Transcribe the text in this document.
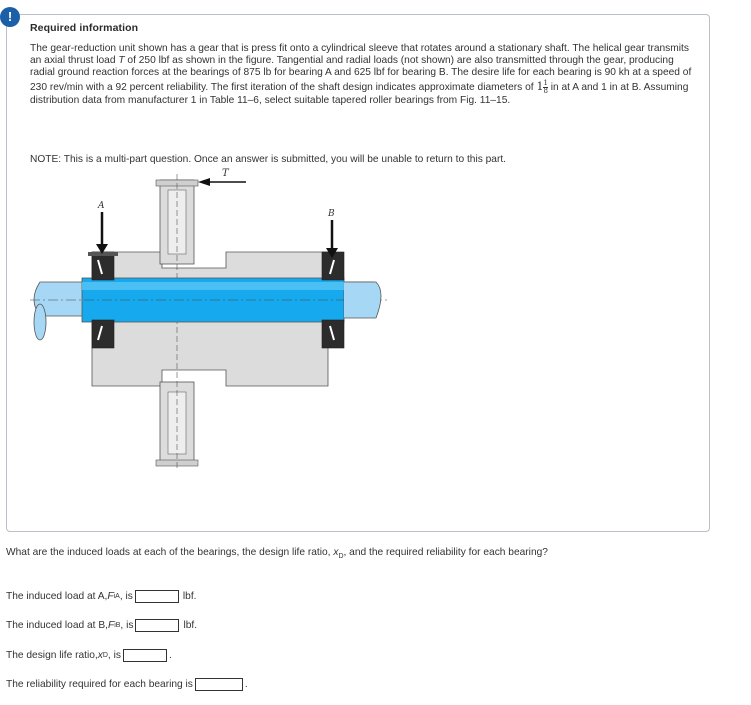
!
Required information
The gear-reduction unit shown has a gear that is press fit onto a cylindrical sleeve that rotates around a stationary shaft. The helical gear transmits an axial thrust load T of 250 lbf as shown in the figure. Tangential and radial loads (not shown) are also transmitted through the gear, producing radial ground reaction forces at the bearings of 875 lb for bearing A and 625 lbf for bearing B. The desire life for each bearing is 90 kh at a speed of 230 rev/min with a 92 percent reliability. The first iteration of the shaft design indicates approximate diameters of $1 \frac{1}{8}$ in at A and 1 in at B. Assuming distribution data from manufacturer 1 in Table 11–6, select suitable tapered roller bearings from Fig. 11–15.
NOTE: This is a multi-part question. Once an answer is submitted, you will be unable to return to this part.
T
A
B
What are the induced loads at each of the bearings, the design life ratio, $x_D$, and the required reliability for each bearing?
The induced load at A, F iA , is	lbf.
The induced load at B, F iB , is	lbf.
The design life ratio, x D , is	.
The reliability required for each bearing is	.
